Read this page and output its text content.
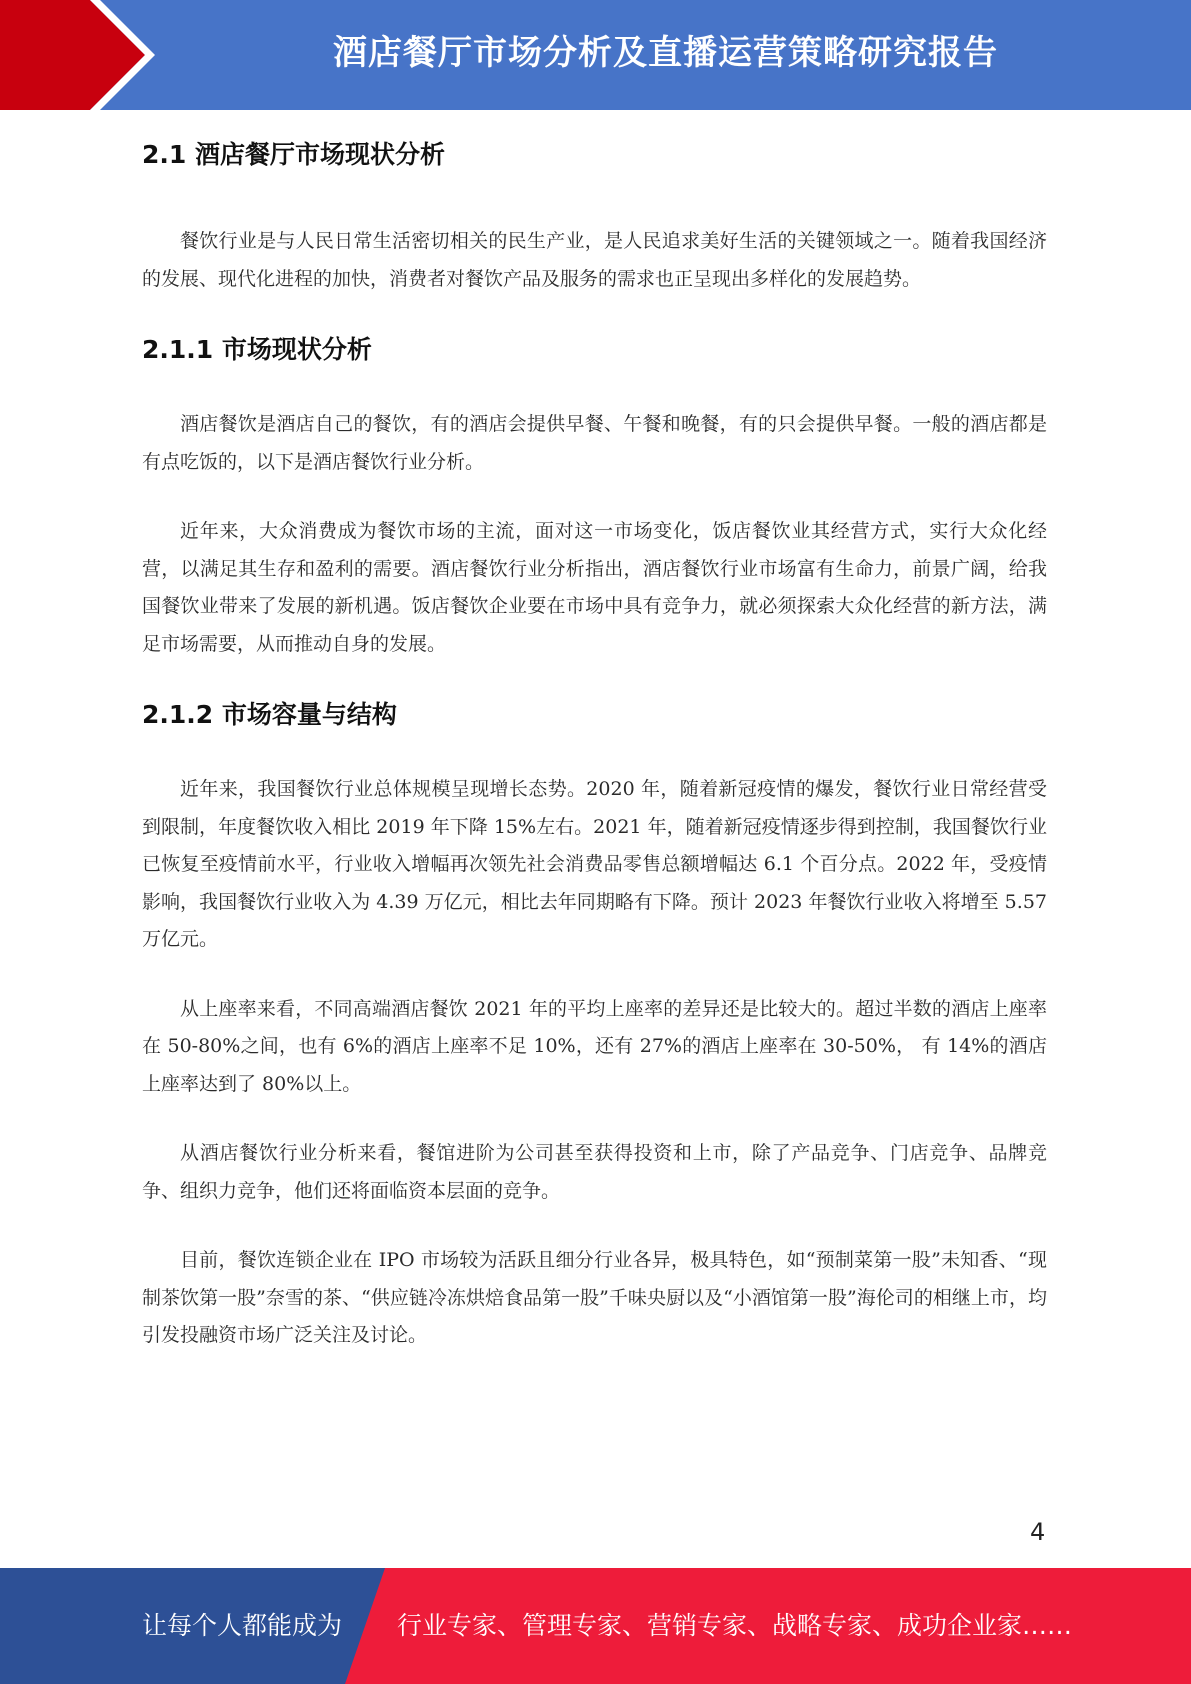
酒店餐厅市场分析及直播运营策略研究报告
2.1 酒店餐厅市场现状分析

餐饮行业是与人民日常生活密切相关的民生产业，是人民追求美好生活的关键领域之一。随着我国经济的发展、现代化进程的加快，消费者对餐饮产品及服务的需求也正呈现出多样化的发展趋势。

2.1.1 市场现状分析

酒店餐饮是酒店自己的餐饮，有的酒店会提供早餐、午餐和晚餐，有的只会提供早餐。一般的酒店都是有点吃饭的，以下是酒店餐饮行业分析。

近年来，大众消费成为餐饮市场的主流，面对这一市场变化，饭店餐饮业其经营方式，实行大众化经营，以满足其生存和盈利的需要。酒店餐饮行业分析指出，酒店餐饮行业市场富有生命力，前景广阔，给我国餐饮业带来了发展的新机遇。饭店餐饮企业要在市场中具有竞争力，就必须探索大众化经营的新方法，满足市场需要，从而推动自身的发展。

2.1.2 市场容量与结构

近年来，我国餐饮行业总体规模呈现增长态势。2020 年，随着新冠疫情的爆发，餐饮行业日常经营受到限制，年度餐饮收入相比 2019 年下降 15%左右。2021 年，随着新冠疫情逐步得到控制，我国餐饮行业已恢复至疫情前水平，行业收入增幅再次领先社会消费品零售总额增幅达 6.1 个百分点。2022 年，受疫情影响，我国餐饮行业收入为 4.39 万亿元，相比去年同期略有下降。预计 2023 年餐饮行业收入将增至 5.57 万亿元。

从上座率来看，不同高端酒店餐饮 2021 年的平均上座率的差异还是比较大的。超过半数的酒店上座率在 50-80%之间，也有 6%的酒店上座率不足 10%，还有 27%的酒店上座率在 30-50%， 有 14%的酒店上座率达到了 80%以上。

从酒店餐饮行业分析来看，餐馆进阶为公司甚至获得投资和上市，除了产品竞争、门店竞争、品牌竞争、组织力竞争，他们还将面临资本层面的竞争。

目前，餐饮连锁企业在 IPO 市场较为活跃且细分行业各异，极具特色，如“预制菜第一股”未知香、“现制茶饮第一股”奈雪的茶、“供应链冷冻烘焙食品第一股”千味央厨以及“小酒馆第一股”海伦司的相继上市，均引发投融资市场广泛关注及讨论。

4
让每个人都能成为 行业专家、管理专家、营销专家、战略专家、成功企业家……
